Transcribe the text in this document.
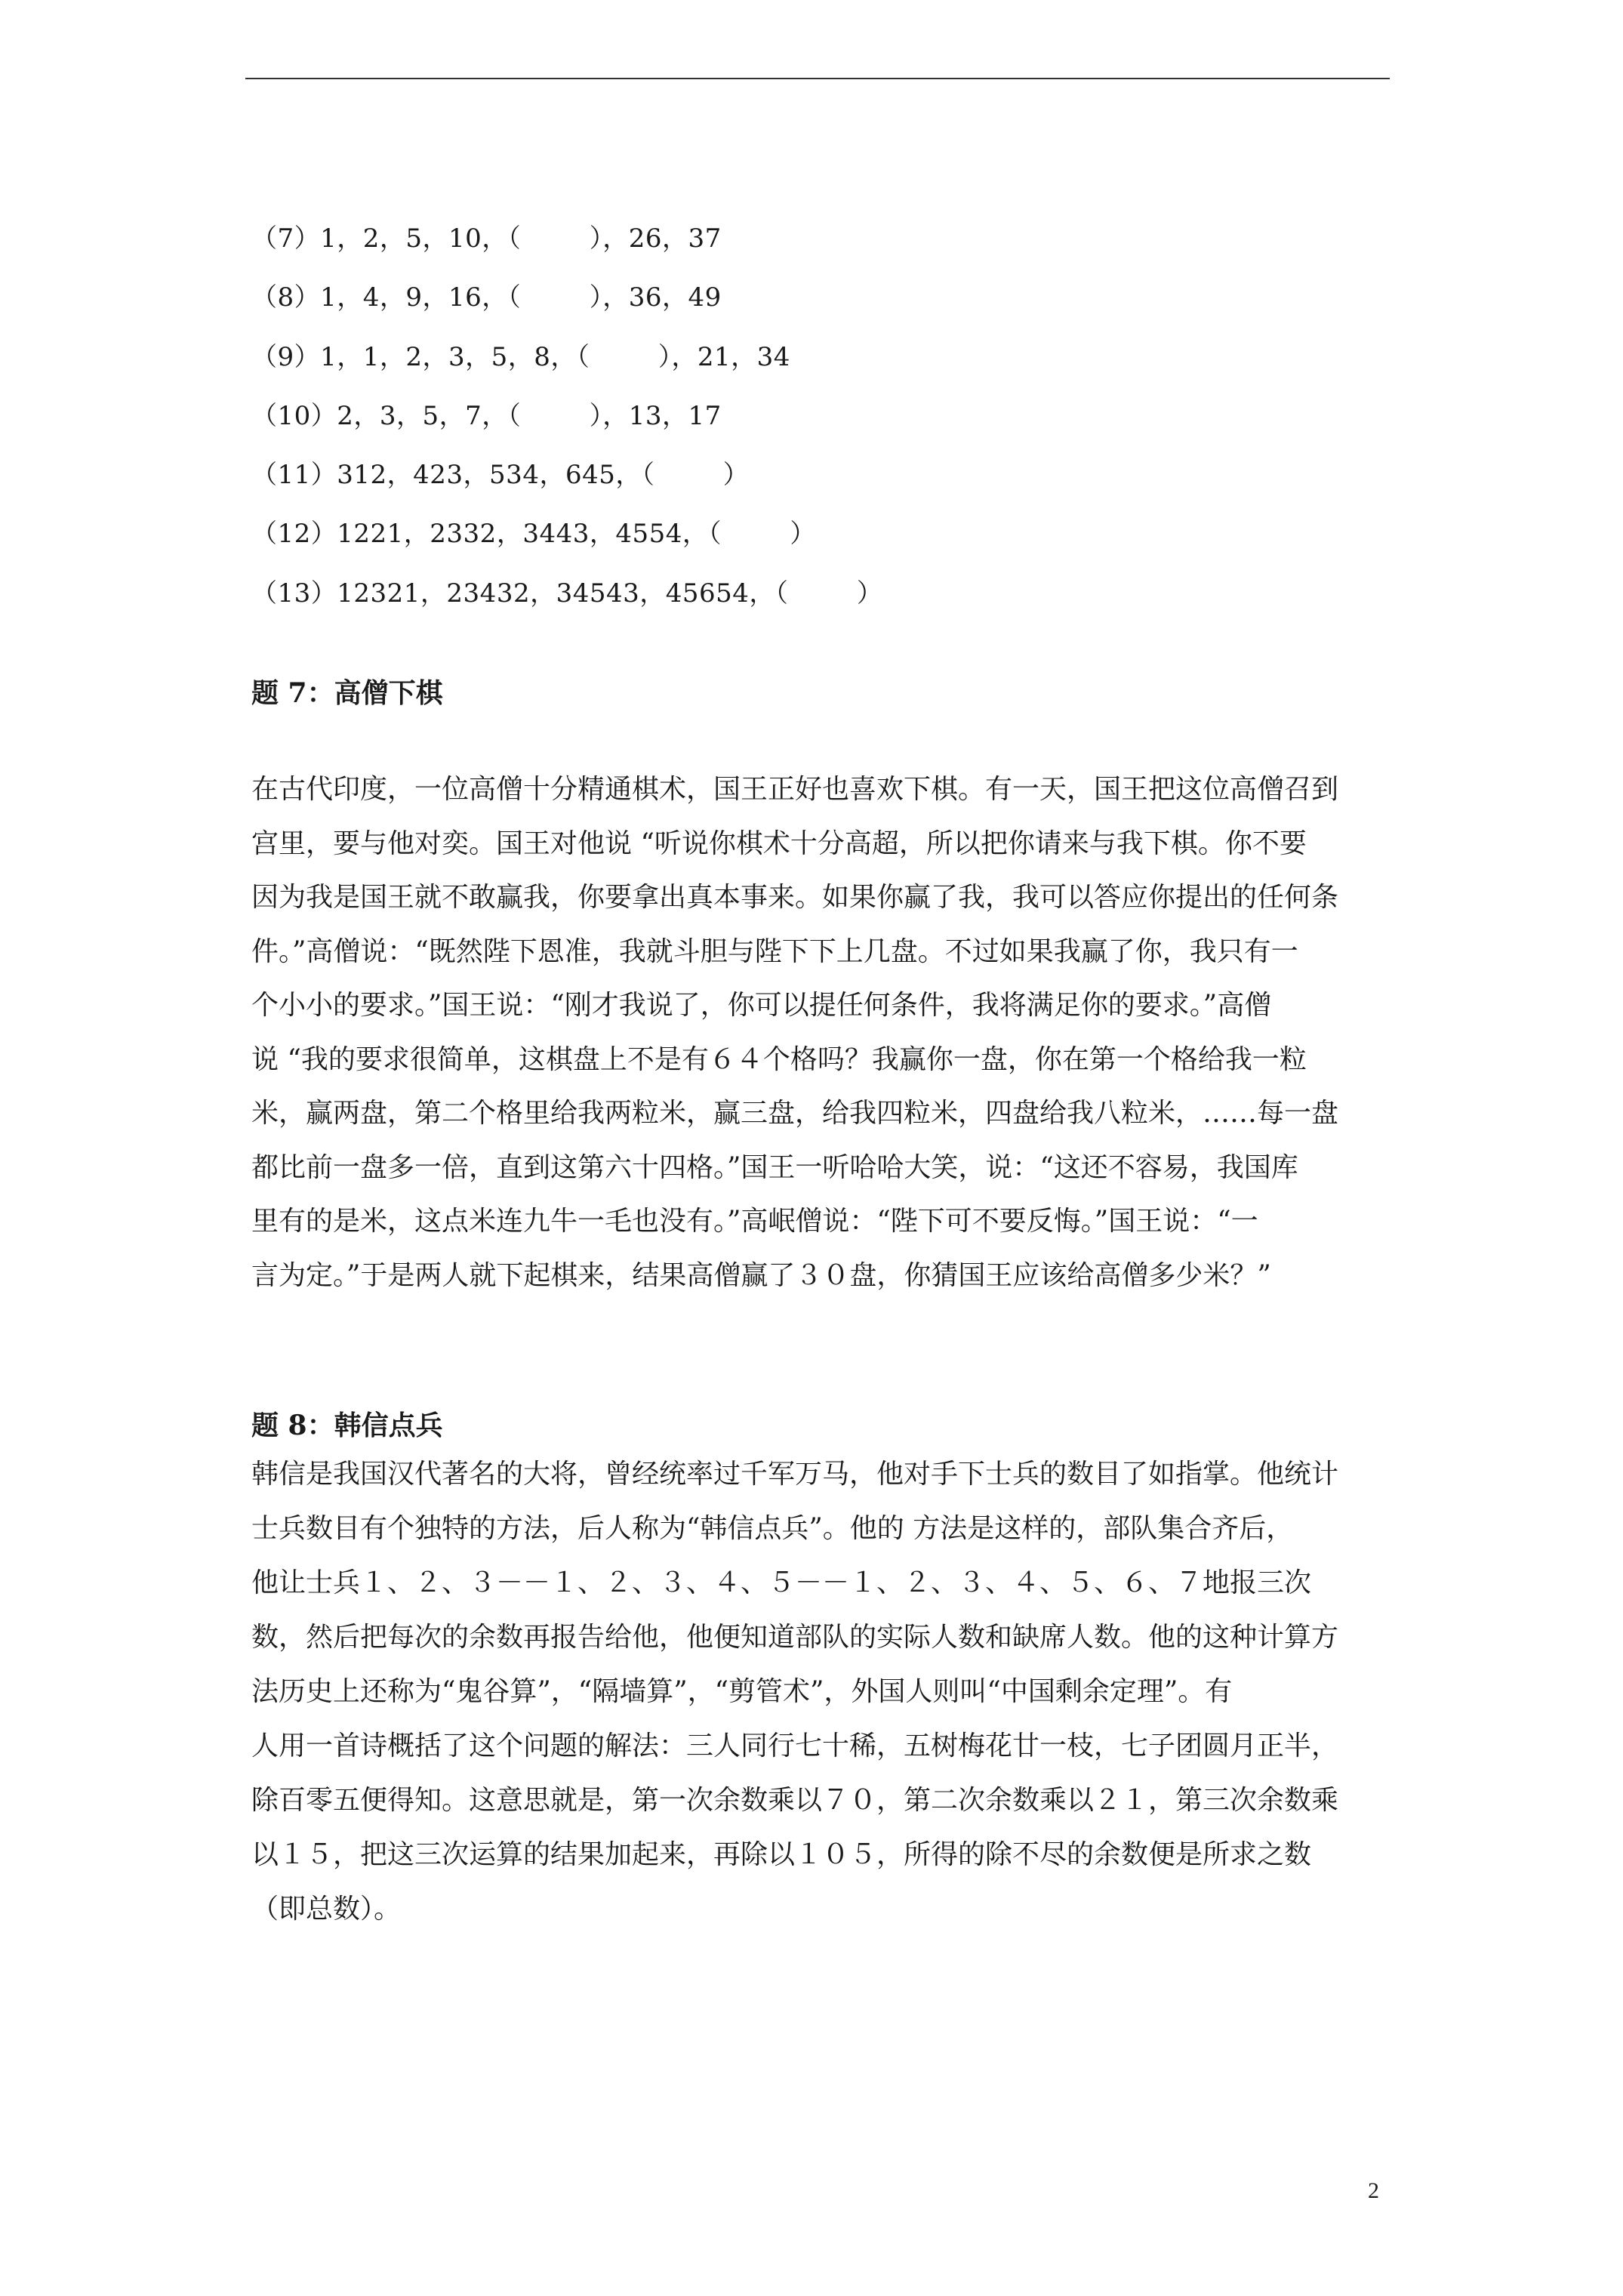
（7）1，2，5，10，（        ），26，37
（8）1，4，9，16，（        ），36，49
（9）1，1，2，3，5，8，（        ），21，34
（10）2，3，5，7，（        ），13，17
（11）312，423，534，645，（        ）
（12）1221，2332，3443，4554，（        ）
（13）12321，23432，34543，45654，（        ）
题 7：高僧下棋
在古代印度，一位高僧十分精通棋术，国王正好也喜欢下棋。有一天，国王把这位高僧召到
宫里，要与他对奕。国王对他说 “听说你棋术十分高超，所以把你请来与我下棋。你不要
因为我是国王就不敢赢我，你要拿出真本事来。如果你赢了我，我可以答应你提出的任何条
件。”高僧说：“既然陛下恩准，我就斗胆与陛下下上几盘。不过如果我赢了你，我只有一
个小小的要求。”国王说：“刚才我说了，你可以提任何条件，我将满足你的要求。”高僧
说 “我的要求很简单，这棋盘上不是有６４个格吗？我赢你一盘，你在第一个格给我一粒
米，赢两盘，第二个格里给我两粒米，赢三盘，给我四粒米，四盘给我八粒米，……每一盘
都比前一盘多一倍，直到这第六十四格。”国王一听哈哈大笑，说：“这还不容易，我国库
里有的是米，这点米连九牛一毛也没有。”高岷僧说：“陛下可不要反悔。”国王说：“一
言为定。”于是两人就下起棋来，结果高僧赢了３０盘，你猜国王应该给高僧多少米？”
题 8：韩信点兵
韩信是我国汉代著名的大将，曾经统率过千军万马，他对手下士兵的数目了如指掌。他统计
士兵数目有个独特的方法，后人称为“韩信点兵”。他的 方法是这样的，部队集合齐后，
他让士兵１、２、３－－１、２、３、４、５－－１、２、３、４、５、６、７地报三次
数，然后把每次的余数再报告给他，他便知道部队的实际人数和缺席人数。他的这种计算方
法历史上还称为“鬼谷算”，“隔墙算”，“剪管术”，外国人则叫“中国剩余定理”。有
人用一首诗概括了这个问题的解法：三人同行七十稀，五树梅花廿一枝，七子团圆月正半，
除百零五便得知。这意思就是，第一次余数乘以７０，第二次余数乘以２１，第三次余数乘
以１５，把这三次运算的结果加起来，再除以１０５，所得的除不尽的余数便是所求之数
（即总数）。
2
